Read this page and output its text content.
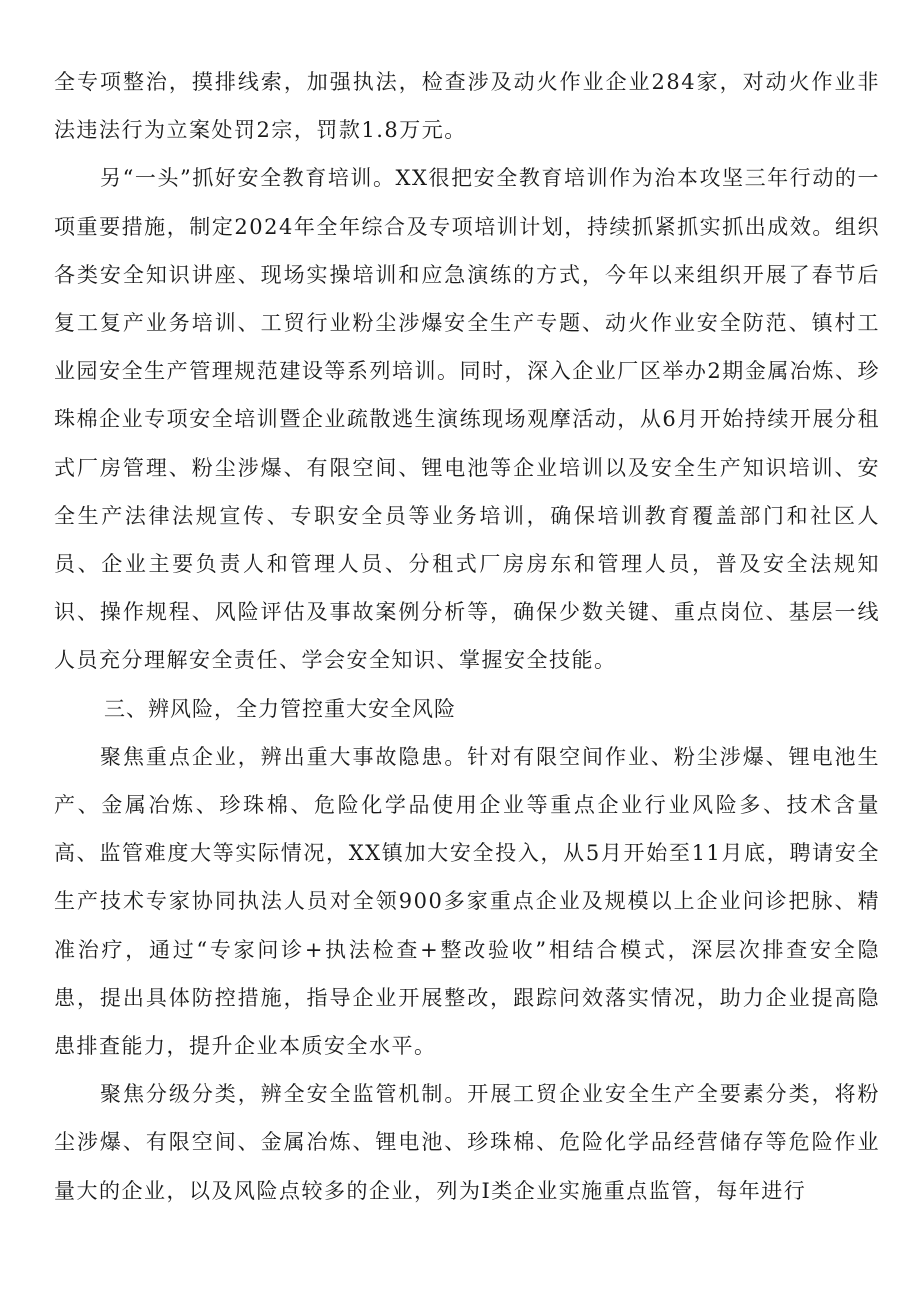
全专项整治，摸排线索，加强执法，检查涉及动火作业企业284家，对动火作业非法违法行为立案处罚2宗，罚款1.8万元。

另“一头”抓好安全教育培训。XX很把安全教育培训作为治本攻坚三年行动的一项重要措施，制定2024年全年综合及专项培训计划，持续抓紧抓实抓出成效。组织各类安全知识讲座、现场实操培训和应急演练的方式，今年以来组织开展了春节后复工复产业务培训、工贸行业粉尘涉爆安全生产专题、动火作业安全防范、镇村工业园安全生产管理规范建设等系列培训。同时，深入企业厂区举办2期金属冶炼、珍珠棉企业专项安全培训暨企业疏散逃生演练现场观摩活动，从6月开始持续开展分租式厂房管理、粉尘涉爆、有限空间、锂电池等企业培训以及安全生产知识培训、安全生产法律法规宣传、专职安全员等业务培训，确保培训教育覆盖部门和社区人员、企业主要负责人和管理人员、分租式厂房房东和管理人员，普及安全法规知识、操作规程、风险评估及事故案例分析等，确保少数关键、重点岗位、基层一线人员充分理解安全责任、学会安全知识、掌握安全技能。

三、辨风险，全力管控重大安全风险

聚焦重点企业，辨出重大事故隐患。针对有限空间作业、粉尘涉爆、锂电池生产、金属冶炼、珍珠棉、危险化学品使用企业等重点企业行业风险多、技术含量高、监管难度大等实际情况，XX镇加大安全投入，从5月开始至11月底，聘请安全生产技术专家协同执法人员对全领900多家重点企业及规模以上企业问诊把脉、精准治疗，通过“专家问诊+执法检查+整改验收”相结合模式，深层次排查安全隐患，提出具体防控措施，指导企业开展整改，跟踪问效落实情况，助力企业提高隐患排査能力，提升企业本质安全水平。

聚焦分级分类，辨全安全监管机制。开展工贸企业安全生产全要素分类，将粉尘涉爆、有限空间、金属冶炼、锂电池、珍珠棉、危险化学品经营储存等危险作业量大的企业，以及风险点较多的企业，列为I类企业实施重点监管，每年进行
